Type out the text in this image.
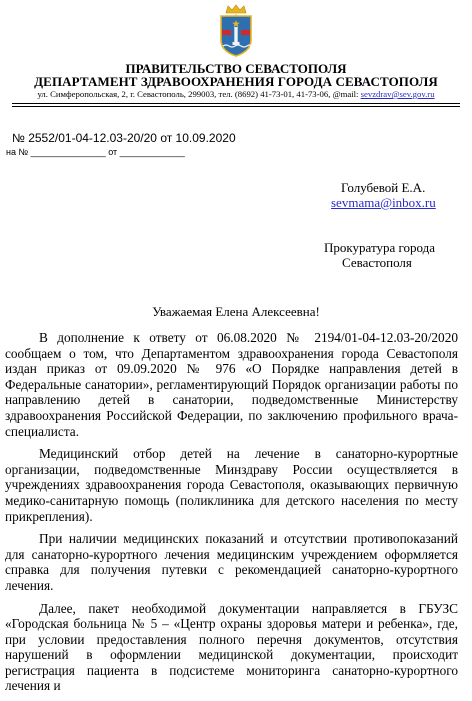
ПРАВИТЕЛЬСТВО СЕВАСТОПОЛЯ
ДЕПАРТАМЕНТ ЗДРАВООХРАНЕНИЯ ГОРОДА СЕВАСТОПОЛЯ
ул. Симферопольская, 2, г. Севастополь, 299003, тел. (8692) 41-73-01, 41-73-06, @mail: sevzdrav@sev.gov.ru
№ 2552/01-04-12.03-20/20 от 10.09.2020
на № _______________ от _____________
Голубевой Е.А.
sevmama@inbox.ru
Прокуратура города
Севастополя
Уважаемая Елена Алексеевна!

В дополнение к ответу от 06.08.2020 № 2194/01-04-12.03-20/2020 сообщаем о том, что Департаментом здравоохранения города Севастополя издан приказ от 09.09.2020 № 976 «О Порядке направления детей в Федеральные санатории», регламентирующий Порядок организации работы по направлению детей в санатории, подведомственные Министерству здравоохранения Российской Федерации, по заключению профильного врача-специалиста.

Медицинский отбор детей на лечение в санаторно-курортные организации, подведомственные Минздраву России осуществляется в учреждениях здравоохранения города Севастополя, оказывающих первичную медико-санитарную помощь (поликлиника для детского населения по месту прикрепления).

При наличии медицинских показаний и отсутствии противопоказаний для санаторно-курортного лечения медицинским учреждением оформляется справка для получения путевки с рекомендацией санаторно-курортного лечения.

Далее, пакет необходимой документации направляется в ГБУЗС «Городская больница № 5 – «Центр охраны здоровья матери и ребенка», где, при условии предоставления полного перечня документов, отсутствия нарушений в оформлении медицинской документации, происходит регистрация пациента в подсистеме мониторинга санаторно-курортного лечения и
